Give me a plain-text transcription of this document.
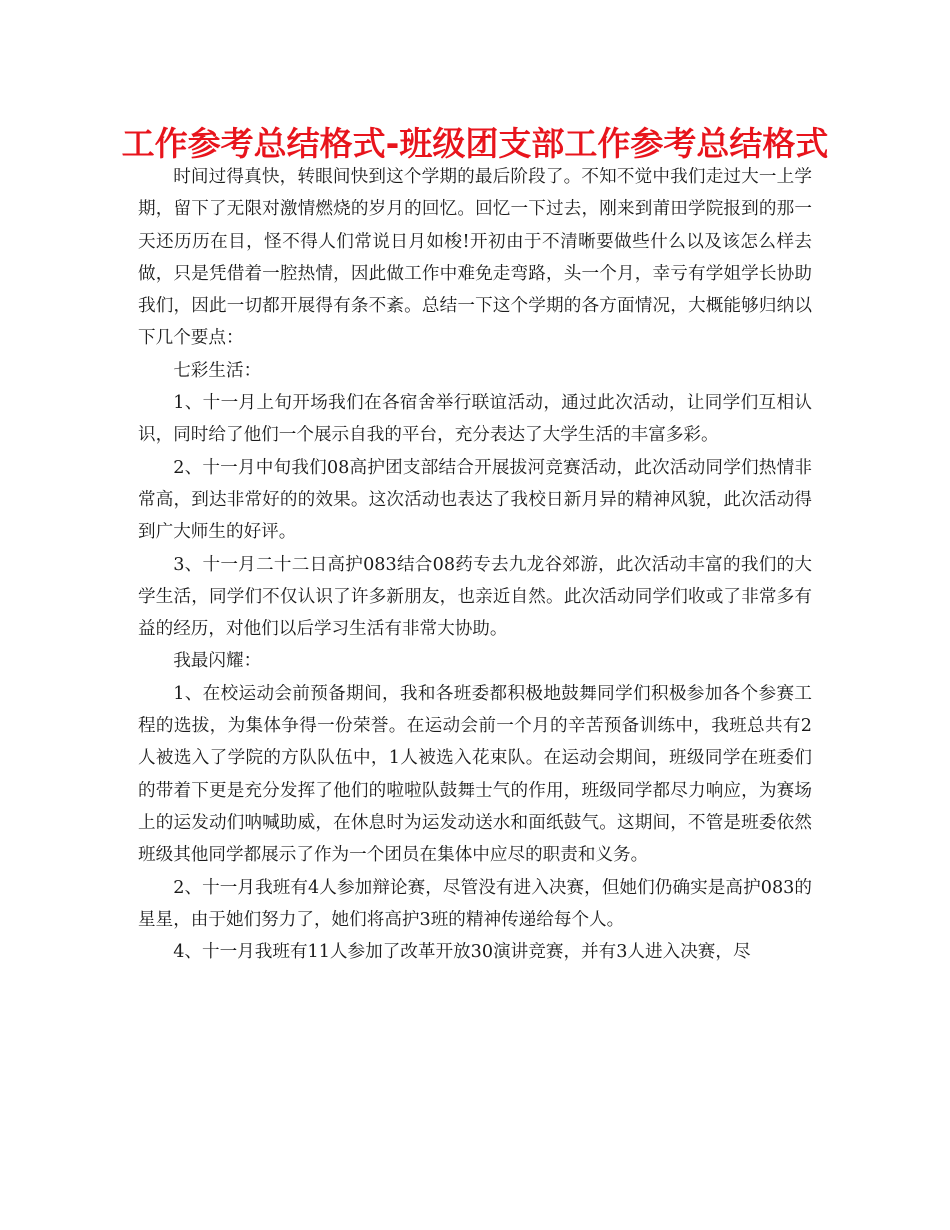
工作参考总结格式-班级团支部工作参考总结格式

时间过得真快，转眼间快到这个学期的最后阶段了。不知不觉中我们走过大一上学期，留下了无限对激情燃烧的岁月的回忆。回忆一下过去，刚来到莆田学院报到的那一天还历历在目，怪不得人们常说日月如梭!开初由于不清晰要做些什么以及该怎么样去做，只是凭借着一腔热情，因此做工作中难免走弯路，头一个月，幸亏有学姐学长协助我们，因此一切都开展得有条不紊。总结一下这个学期的各方面情况，大概能够归纳以下几个要点：

七彩生活：

1、十一月上旬开场我们在各宿舍举行联谊活动，通过此次活动，让同学们互相认识，同时给了他们一个展示自我的平台，充分表达了大学生活的丰富多彩。

2、十一月中旬我们08高护团支部结合开展拔河竞赛活动，此次活动同学们热情非常高，到达非常好的的效果。这次活动也表达了我校日新月异的精神风貌，此次活动得到广大师生的好评。

3、十一月二十二日高护083结合08药专去九龙谷郊游，此次活动丰富的我们的大学生活，同学们不仅认识了许多新朋友，也亲近自然。此次活动同学们收或了非常多有益的经历，对他们以后学习生活有非常大协助。

我最闪耀：

1、在校运动会前预备期间，我和各班委都积极地鼓舞同学们积极参加各个参赛工程的选拔，为集体争得一份荣誉。在运动会前一个月的辛苦预备训练中，我班总共有2人被选入了学院的方队队伍中，1人被选入花束队。在运动会期间，班级同学在班委们的带着下更是充分发挥了他们的啦啦队鼓舞士气的作用，班级同学都尽力响应，为赛场上的运发动们呐喊助威，在休息时为运发动送水和面纸鼓气。这期间，不管是班委依然班级其他同学都展示了作为一个团员在集体中应尽的职责和义务。

2、十一月我班有4人参加辩论赛，尽管没有进入决赛，但她们仍确实是高护083的星星，由于她们努力了，她们将高护3班的精神传递给每个人。

4、十一月我班有11人参加了改革开放30演讲竞赛，并有3人进入决赛，尽
